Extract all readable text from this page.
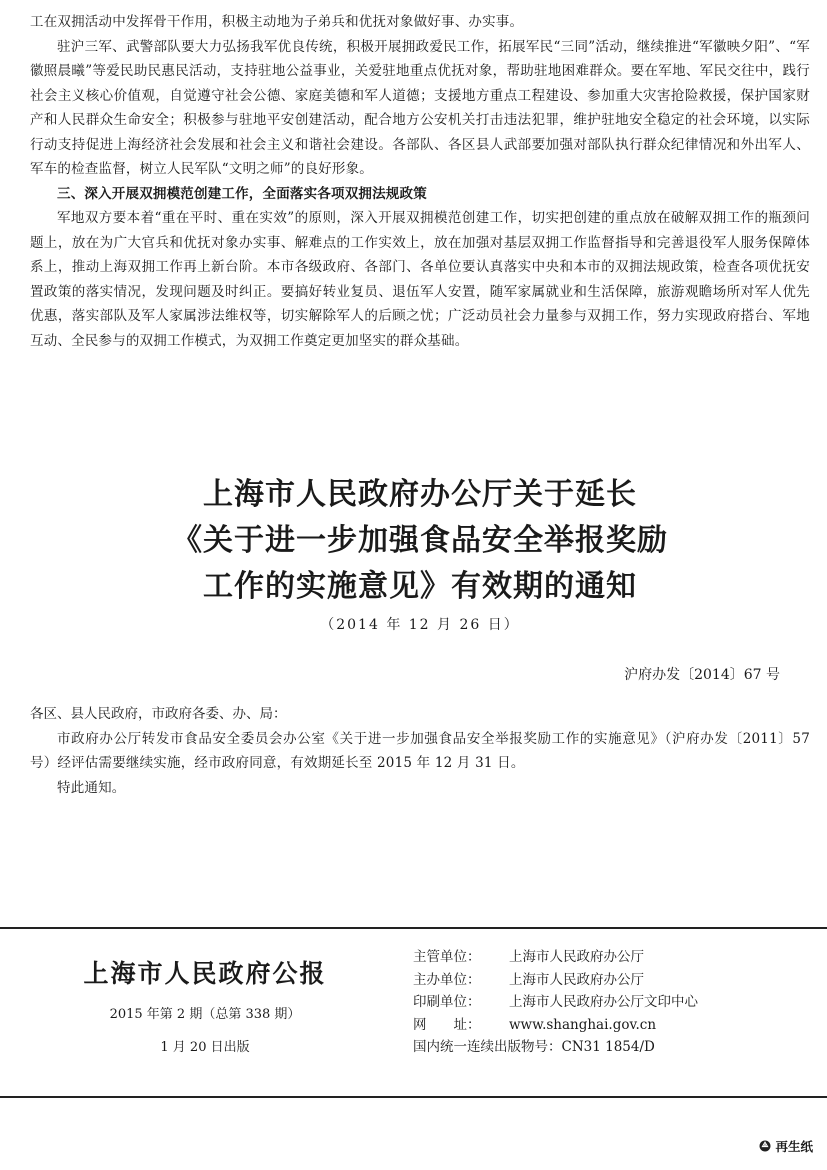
工在双拥活动中发挥骨干作用，积极主动地为子弟兵和优抚对象做好事、办实事。

驻沪三军、武警部队要大力弘扬我军优良传统，积极开展拥政爱民工作，拓展军民“三同”活动，继续推进“军徽映夕阳”、“军徽照晨曦”等爱民助民惠民活动，支持驻地公益事业，关爱驻地重点优抚对象，帮助驻地困难群众。要在军地、军民交往中，践行社会主义核心价值观，自觉遵守社会公德、家庭美德和军人道德；支援地方重点工程建设、参加重大灾害抢险救援，保护国家财产和人民群众生命安全；积极参与驻地平安创建活动，配合地方公安机关打击违法犯罪，维护驻地安全稳定的社会环境，以实际行动支持促进上海经济社会发展和社会主义和谐社会建设。各部队、各区县人武部要加强对部队执行群众纪律情况和外出军人、军车的检查监督，树立人民军队“文明之师”的良好形象。

三、深入开展双拥模范创建工作，全面落实各项双拥法规政策

军地双方要本着“重在平时、重在实效”的原则，深入开展双拥模范创建工作，切实把创建的重点放在破解双拥工作的瓶颈问题上，放在为广大官兵和优抚对象办实事、解难点的工作实效上，放在加强对基层双拥工作监督指导和完善退役军人服务保障体系上，推动上海双拥工作再上新台阶。本市各级政府、各部门、各单位要认真落实中央和本市的双拥法规政策，检查各项优抚安置政策的落实情况，发现问题及时纠正。要搞好转业复员、退伍军人安置，随军家属就业和生活保障，旅游观瞻场所对军人优先优惠，落实部队及军人家属涉法维权等，切实解除军人的后顾之忧；广泛动员社会力量参与双拥工作，努力实现政府搭台、军地互动、全民参与的双拥工作模式，为双拥工作奠定更加坚实的群众基础。

上海市人民政府办公厅关于延长

《关于进一步加强食品安全举报奖励

工作的实施意见》有效期的通知

（2014 年 12 月 26 日）
沪府办发〔2014〕67 号
各区、县人民政府，市政府各委、办、局：

市政府办公厅转发市食品安全委员会办公室《关于进一步加强食品安全举报奖励工作的实施意见》（沪府办发〔2011〕57 号）经评估需要继续实施，经市政府同意，有效期延长至 2015 年 12 月 31 日。

特此通知。

上海市人民政府公报
2015 年第 2 期（总第 338 期）
1 月 20 日出版
主管单位： 上海市人民政府办公厅
主办单位： 上海市人民政府办公厅
印刷单位： 上海市人民政府办公厅文印中心
网　　址： www.shanghai.gov.cn
国内统一连续出版物号：CN31 1854/D
再生纸
